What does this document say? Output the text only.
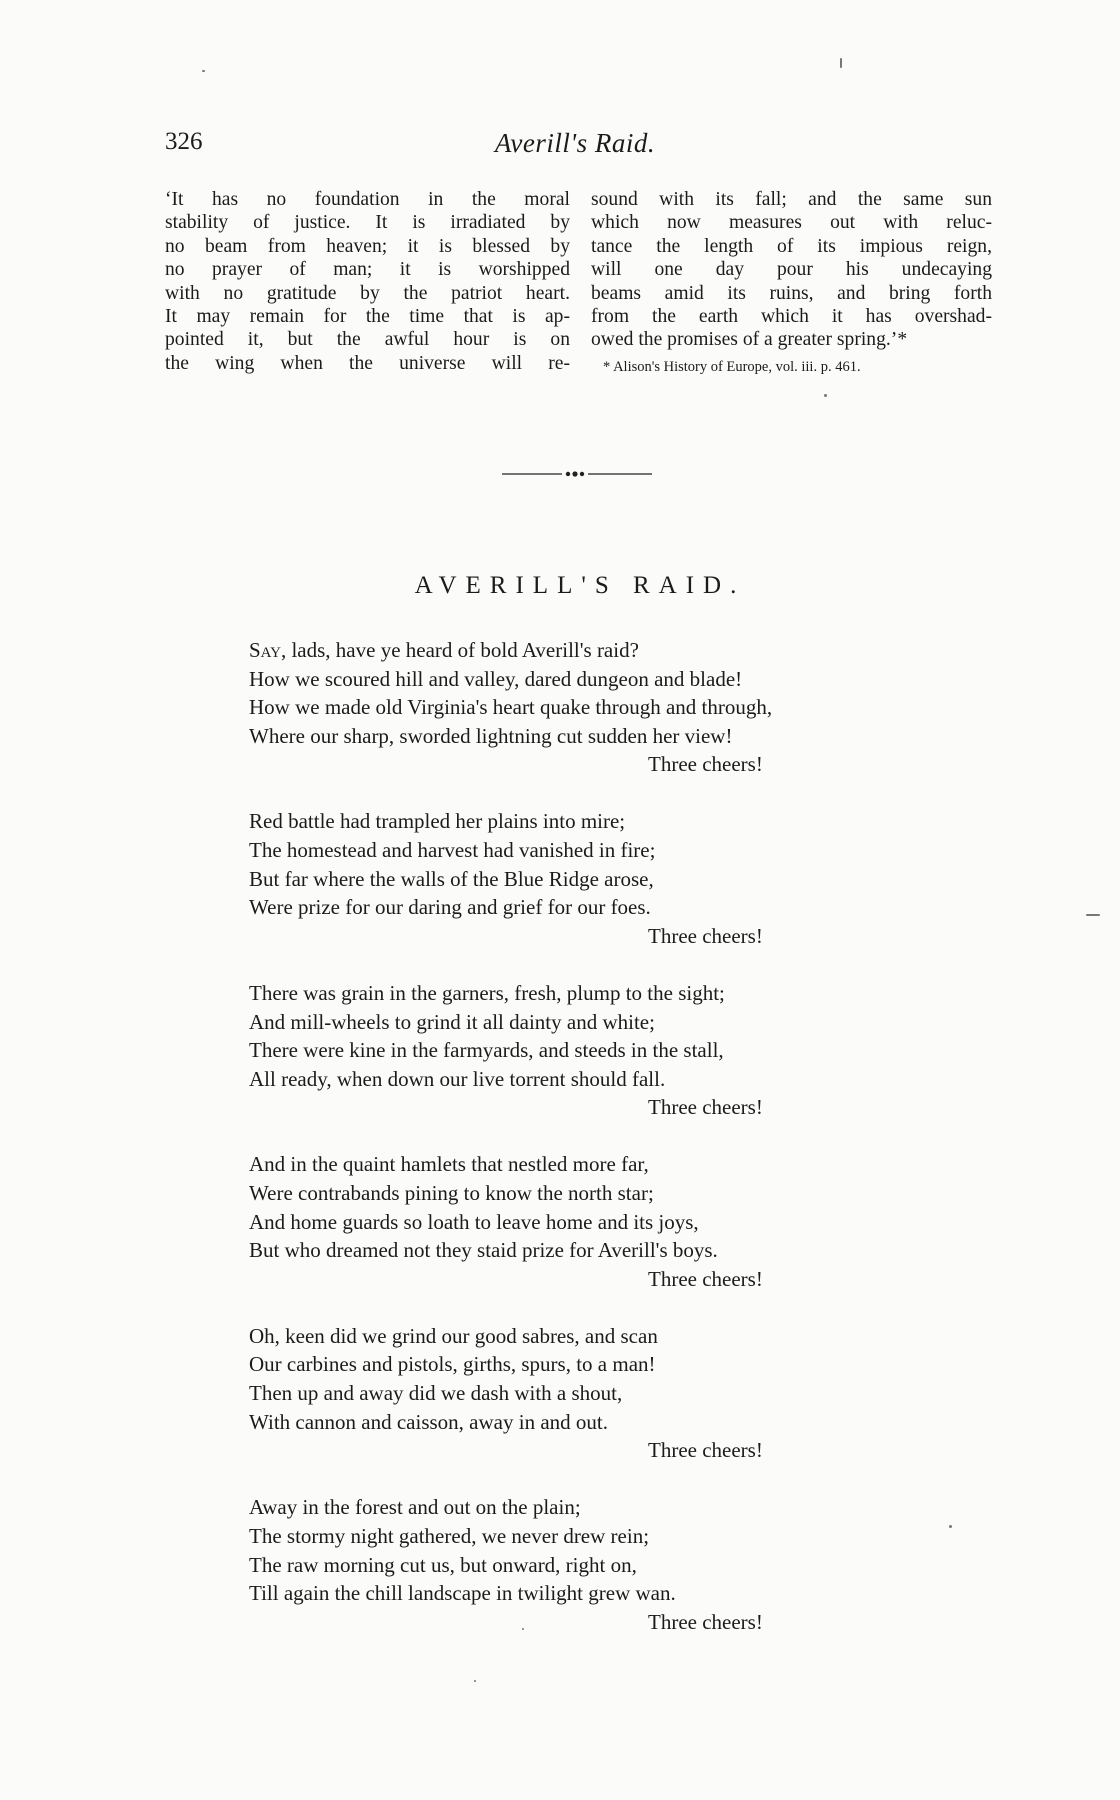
326	Averill's Raid.
‘It has no foundation in the moral
stability of justice. It is irradiated by
no beam from heaven; it is blessed by
no prayer of man; it is worshipped
with no gratitude by the patriot heart.
It may remain for the time that is ap-
pointed it, but the awful hour is on
the wing when the universe will re-
sound with its fall; and the same sun
which now measures out with reluc-
tance the length of its impious reign,
will one day pour his undecaying
beams amid its ruins, and bring forth
from the earth which it has overshad-
owed the promises of a greater spring.’*
* Alison's History of Europe, vol. iii. p. 461.
AVERILL'S RAID.
Say, lads, have ye heard of bold Averill's raid?
How we scoured hill and valley, dared dungeon and blade!
How we made old Virginia's heart quake through and through,
Where our sharp, sworded lightning cut sudden her view!
Three cheers!
Red battle had trampled her plains into mire;
The homestead and harvest had vanished in fire;
But far where the walls of the Blue Ridge arose,
Were prize for our daring and grief for our foes.
Three cheers!
There was grain in the garners, fresh, plump to the sight;
And mill-wheels to grind it all dainty and white;
There were kine in the farmyards, and steeds in the stall,
All ready, when down our live torrent should fall.
Three cheers!
And in the quaint hamlets that nestled more far,
Were contrabands pining to know the north star;
And home guards so loath to leave home and its joys,
But who dreamed not they staid prize for Averill's boys.
Three cheers!
Oh, keen did we grind our good sabres, and scan
Our carbines and pistols, girths, spurs, to a man!
Then up and away did we dash with a shout,
With cannon and caisson, away in and out.
Three cheers!
Away in the forest and out on the plain;
The stormy night gathered, we never drew rein;
The raw morning cut us, but onward, right on,
Till again the chill landscape in twilight grew wan.
Three cheers!
